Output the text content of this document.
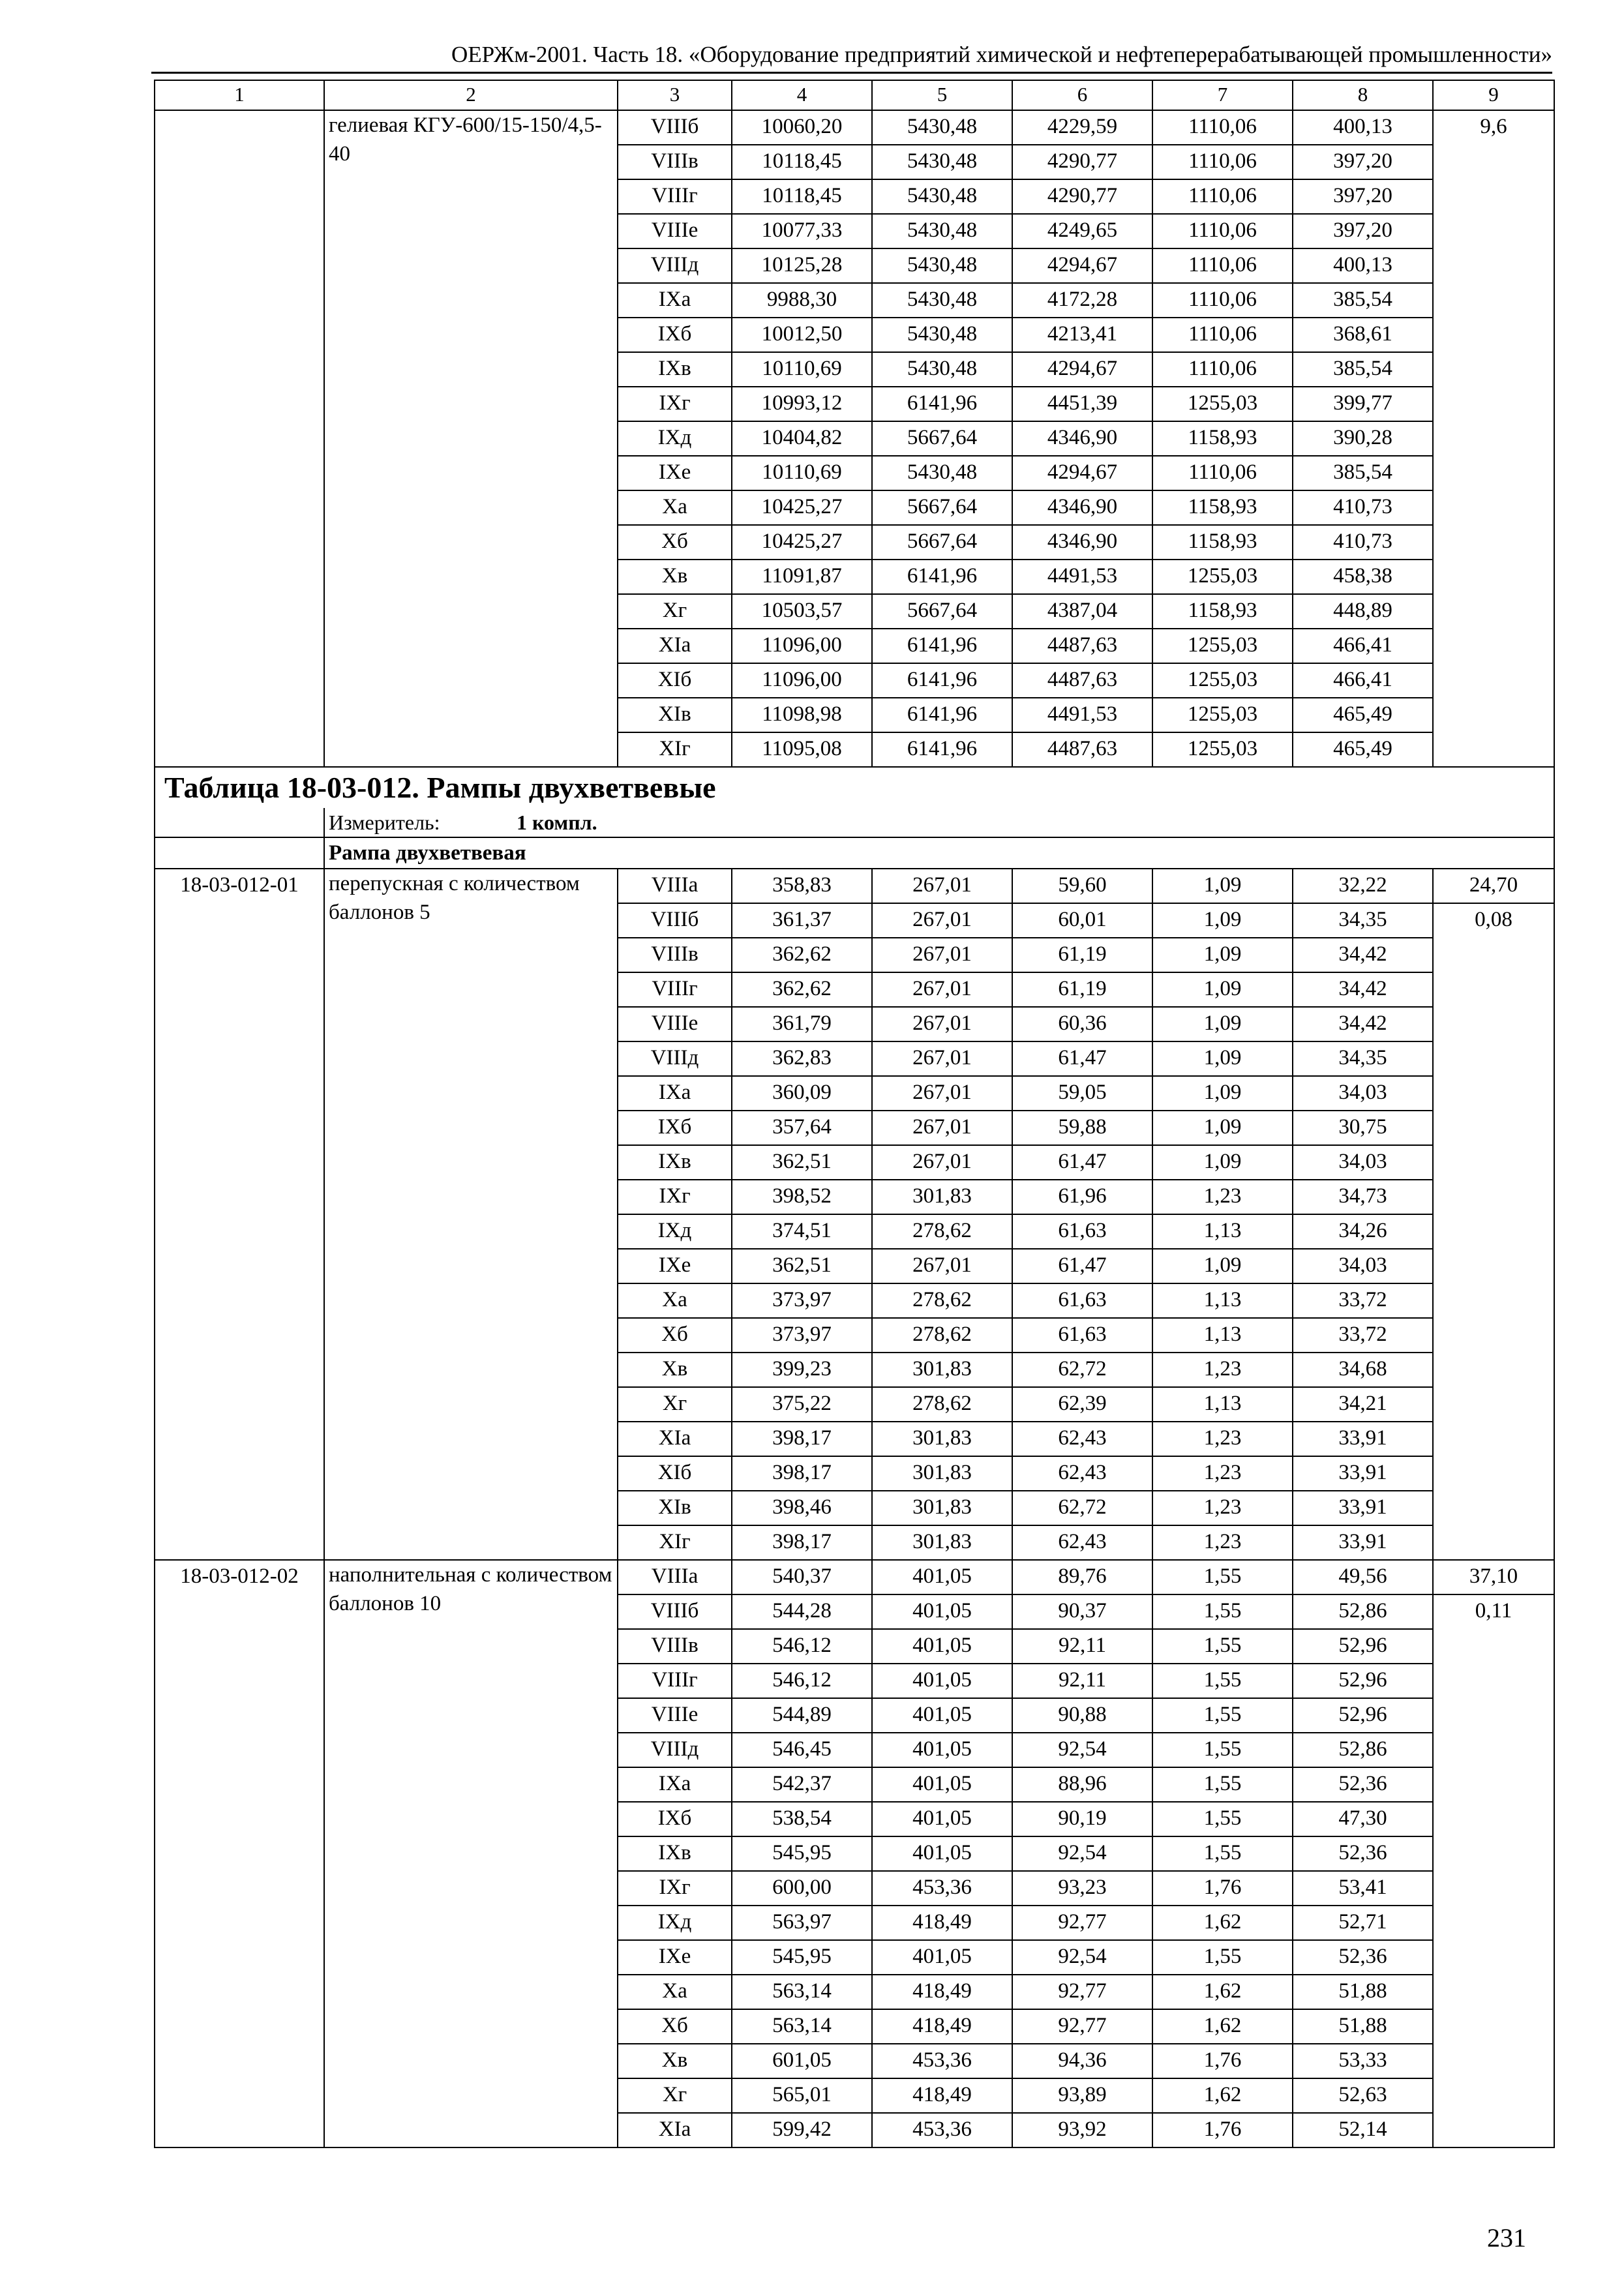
ОЕРЖм-2001. Часть 18. «Оборудование предприятий химической и нефтеперерабатывающей промышленности»
1	2	3	4	5	6	7	8	9
	гелиевая КГУ-600/15-150/4,5-40	VIIIб	10060,20	5430,48	4229,59	1110,06	400,13	9,6
		VIIIв	10118,45	5430,48	4290,77	1110,06	397,20	
		VIIIг	10118,45	5430,48	4290,77	1110,06	397,20	
		VIIIе	10077,33	5430,48	4249,65	1110,06	397,20	
		VIIIд	10125,28	5430,48	4294,67	1110,06	400,13	
		IXа	9988,30	5430,48	4172,28	1110,06	385,54	
		IXб	10012,50	5430,48	4213,41	1110,06	368,61	
		IXв	10110,69	5430,48	4294,67	1110,06	385,54	
		IXг	10993,12	6141,96	4451,39	1255,03	399,77	
		IXд	10404,82	5667,64	4346,90	1158,93	390,28	
		IXе	10110,69	5430,48	4294,67	1110,06	385,54	
		Xа	10425,27	5667,64	4346,90	1158,93	410,73	
		Xб	10425,27	5667,64	4346,90	1158,93	410,73	
		Xв	11091,87	6141,96	4491,53	1255,03	458,38	
		Xг	10503,57	5667,64	4387,04	1158,93	448,89	
		XIа	11096,00	6141,96	4487,63	1255,03	466,41	
		XIб	11096,00	6141,96	4487,63	1255,03	466,41	
		XIв	11098,98	6141,96	4491,53	1255,03	465,49	
		XIг	11095,08	6141,96	4487,63	1255,03	465,49	
Таблица 18-03-012. Рампы двухветвевые								
	Измеритель: 1 компл.							
	Рампа двухветвевая							
18-03-012-01	перепускная с количеством баллонов 5	VIIIа	358,83	267,01	59,60	1,09	32,22	24,70
		VIIIб	361,37	267,01	60,01	1,09	34,35	0,08
		VIIIв	362,62	267,01	61,19	1,09	34,42	
		VIIIг	362,62	267,01	61,19	1,09	34,42	
		VIIIе	361,79	267,01	60,36	1,09	34,42	
		VIIIд	362,83	267,01	61,47	1,09	34,35	
		IXа	360,09	267,01	59,05	1,09	34,03	
		IXб	357,64	267,01	59,88	1,09	30,75	
		IXв	362,51	267,01	61,47	1,09	34,03	
		IXг	398,52	301,83	61,96	1,23	34,73	
		IXд	374,51	278,62	61,63	1,13	34,26	
		IXе	362,51	267,01	61,47	1,09	34,03	
		Xа	373,97	278,62	61,63	1,13	33,72	
		Xб	373,97	278,62	61,63	1,13	33,72	
		Xв	399,23	301,83	62,72	1,23	34,68	
		Xг	375,22	278,62	62,39	1,13	34,21	
		XIа	398,17	301,83	62,43	1,23	33,91	
		XIб	398,17	301,83	62,43	1,23	33,91	
		XIв	398,46	301,83	62,72	1,23	33,91	
		XIг	398,17	301,83	62,43	1,23	33,91	
18-03-012-02	наполнительная с количеством баллонов 10	VIIIа	540,37	401,05	89,76	1,55	49,56	37,10
		VIIIб	544,28	401,05	90,37	1,55	52,86	0,11
		VIIIв	546,12	401,05	92,11	1,55	52,96	
		VIIIг	546,12	401,05	92,11	1,55	52,96	
		VIIIе	544,89	401,05	90,88	1,55	52,96	
		VIIIд	546,45	401,05	92,54	1,55	52,86	
		IXа	542,37	401,05	88,96	1,55	52,36	
		IXб	538,54	401,05	90,19	1,55	47,30	
		IXв	545,95	401,05	92,54	1,55	52,36	
		IXг	600,00	453,36	93,23	1,76	53,41	
		IXд	563,97	418,49	92,77	1,62	52,71	
		IXе	545,95	401,05	92,54	1,55	52,36	
		Xа	563,14	418,49	92,77	1,62	51,88	
		Xб	563,14	418,49	92,77	1,62	51,88	
		Xв	601,05	453,36	94,36	1,76	53,33	
		Xг	565,01	418,49	93,89	1,62	52,63	
		XIа	599,42	453,36	93,92	1,76	52,14	
231
